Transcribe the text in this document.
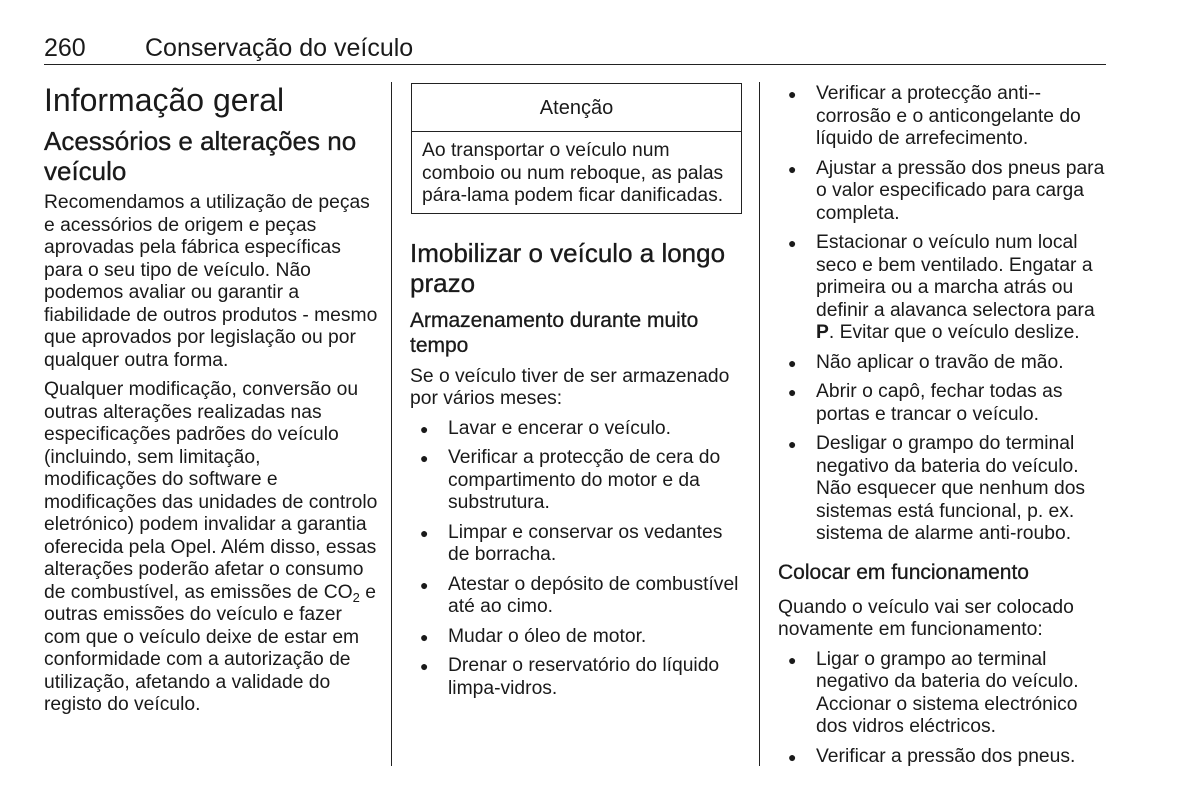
260 Conservação do veículo
Informação geral
Acessórios e alterações no veículo

Recomendamos a utilização de peças e acessórios de origem e peças aprovadas pela fábrica específicas para o seu tipo de veículo. Não podemos avaliar ou garantir a fiabilidade de outros produtos - mesmo que aprovados por legislação ou por qualquer outra forma.

Qualquer modificação, conversão ou outras alterações realizadas nas especificações padrões do veículo (incluindo, sem limitação, modificações do software e modificações das unidades de controlo eletrónico) podem invalidar a garantia oferecida pela Opel. Além disso, essas alterações poderão afetar o consumo de combustível, as emissões de $CO_2$ e outras emissões do veículo e fazer com que o veículo deixe de estar em conformidade com a autorização de utilização, afetando a validade do registo do veículo.

Atenção
Ao transportar o veículo num comboio ou num reboque, as palas pára-lama podem ficar danificadas.
Imobilizar o veículo a longo prazo
Armazenamento durante muito tempo

Se o veículo tiver de ser armazenado por vários meses:

● Lavar e encerar o veículo.
● Verificar a protecção de cera do compartimento do motor e da substrutura.
● Limpar e conservar os vedantes de borracha.
● Atestar o depósito de combustível até ao cimo.
● Mudar o óleo de motor.
● Drenar o reservatório do líquido limpa-vidros.
● Verificar a protecção anti--corrosão e o anticongelante do líquido de arrefecimento.
● Ajustar a pressão dos pneus para o valor especificado para carga completa.
● Estacionar o veículo num local seco e bem ventilado. Engatar a primeira ou a marcha atrás ou definir a alavanca selectora para P. Evitar que o veículo deslize.
● Não aplicar o travão de mão.
● Abrir o capô, fechar todas as portas e trancar o veículo.
● Desligar o grampo do terminal negativo da bateria do veículo. Não esquecer que nenhum dos sistemas está funcional, p. ex. sistema de alarme anti-roubo.
Colocar em funcionamento

Quando o veículo vai ser colocado novamente em funcionamento:

● Ligar o grampo ao terminal negativo da bateria do veículo. Accionar o sistema electrónico dos vidros eléctricos.
● Verificar a pressão dos pneus.
